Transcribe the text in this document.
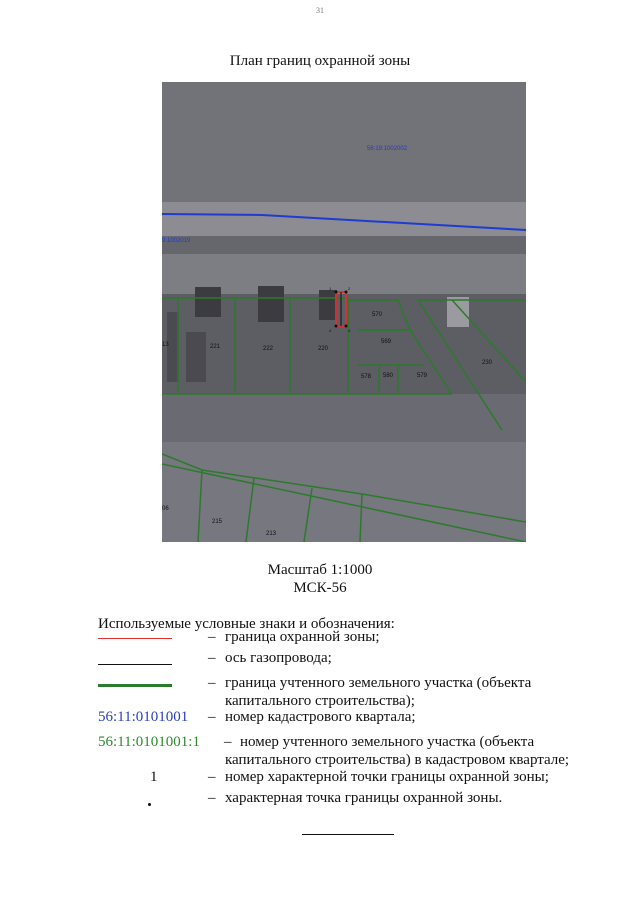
31
План границ охранной зоны
56:19:1002002
9:1002019
570
221	222	220
569
578 580	579
230
13
215
213
06
1	2
3
4
Масштаб 1:1000
МСК-56
Используемые условные знаки и обозначения:
– граница охранной зоны;
– ось газопровода;
– граница учтенного земельного участка (объекта
капитального строительства);
56:11:0101001	– номер кадастрового квартала;
56:11:0101001:1	– номер учтенного земельного участка (объекта
капитального строительства) в кадастровом квартале;
1	– номер характерной точки границы охранной зоны;
– характерная точка границы охранной зоны.
